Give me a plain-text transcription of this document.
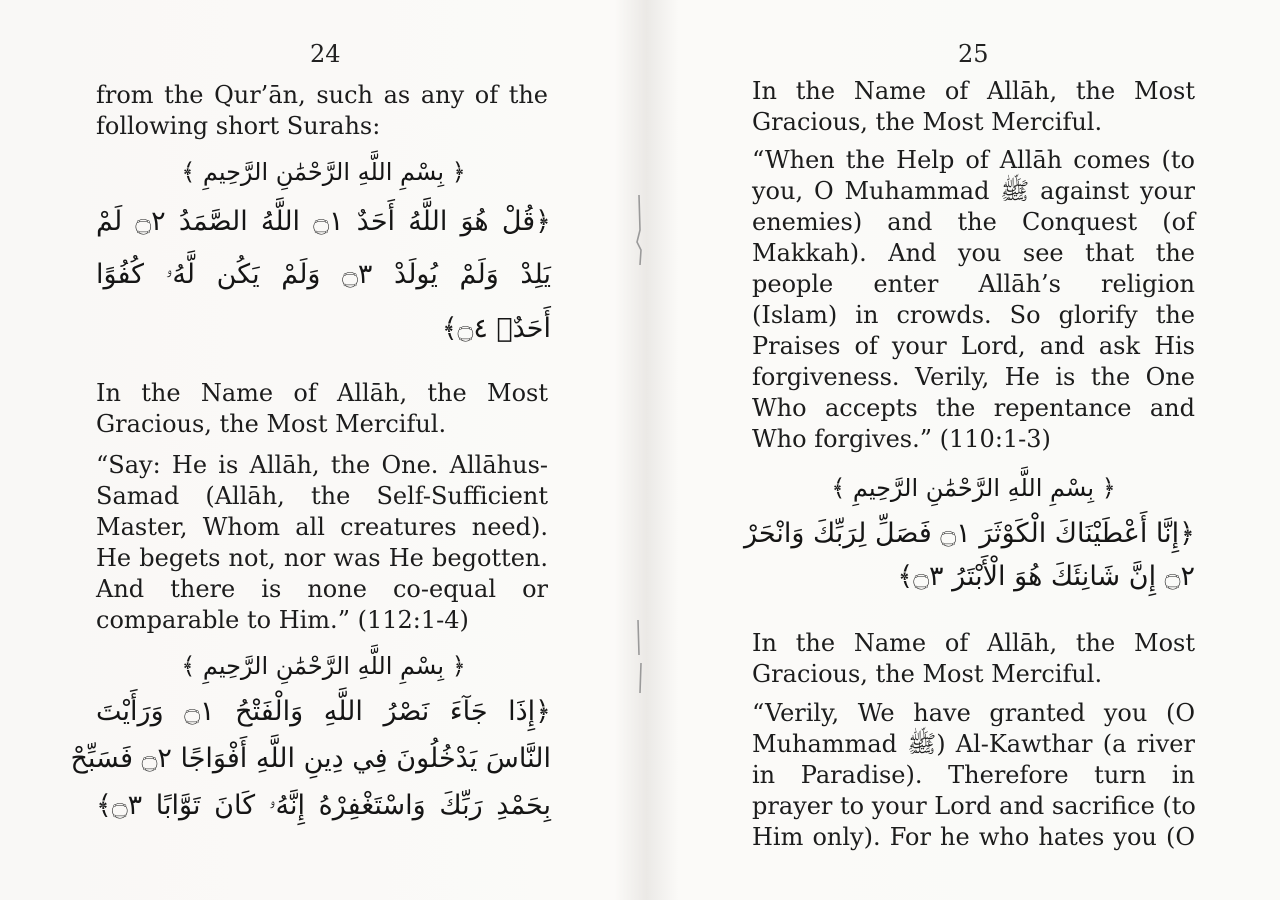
24
from the Qur’ān, such as any of the
following short Surahs:
﴿ بِسْمِ اللَّهِ الرَّحْمَٰنِ الرَّحِيمِ ﴾
﴿قُلْ هُوَ اللَّهُ أَحَدٌ ۝١ اللَّهُ الصَّمَدُ ۝٢ لَمْ
يَلِدْ وَلَمْ يُولَدْ ۝٣ وَلَمْ يَكُن لَّهُۥ كُفُوًا
أَحَدٌۢ ۝٤﴾
In the Name of Allāh, the Most
Gracious, the Most Merciful.
“Say: He is Allāh, the One. Allāhus-
Samad (Allāh, the Self-Sufficient
Master, Whom all creatures need).
He begets not, nor was He begotten.
And there is none co-equal or
comparable to Him.” (112:1-4)
﴿ بِسْمِ اللَّهِ الرَّحْمَٰنِ الرَّحِيمِ ﴾
﴿إِذَا جَآءَ نَصْرُ اللَّهِ وَالْفَتْحُ ۝١ وَرَأَيْتَ
النَّاسَ يَدْخُلُونَ فِي دِينِ اللَّهِ أَفْوَاجًا ۝٢ فَسَبِّحْ
بِحَمْدِ رَبِّكَ وَاسْتَغْفِرْهُ إِنَّهُۥ كَانَ تَوَّابًا ۝٣﴾
25
In the Name of Allāh, the Most
Gracious, the Most Merciful.
“When the Help of Allāh comes (to
you, O Muhammad ﷺ against your
enemies) and the Conquest (of
Makkah). And you see that the
people enter Allāh’s religion
(Islam) in crowds. So glorify the
Praises of your Lord, and ask His
forgiveness. Verily, He is the One
Who accepts the repentance and
Who forgives.” (110:1-3)
﴿ بِسْمِ اللَّهِ الرَّحْمَٰنِ الرَّحِيمِ ﴾
﴿إِنَّا أَعْطَيْنَاكَ الْكَوْثَرَ ۝١ فَصَلِّ لِرَبِّكَ وَانْحَرْ
۝٢ إِنَّ شَانِئَكَ هُوَ الْأَبْتَرُ ۝٣﴾
In the Name of Allāh, the Most
Gracious, the Most Merciful.
“Verily, We have granted you (O
Muhammad ﷺ) Al-Kawthar (a river
in Paradise). Therefore turn in
prayer to your Lord and sacrifice (to
Him only). For he who hates you (O
